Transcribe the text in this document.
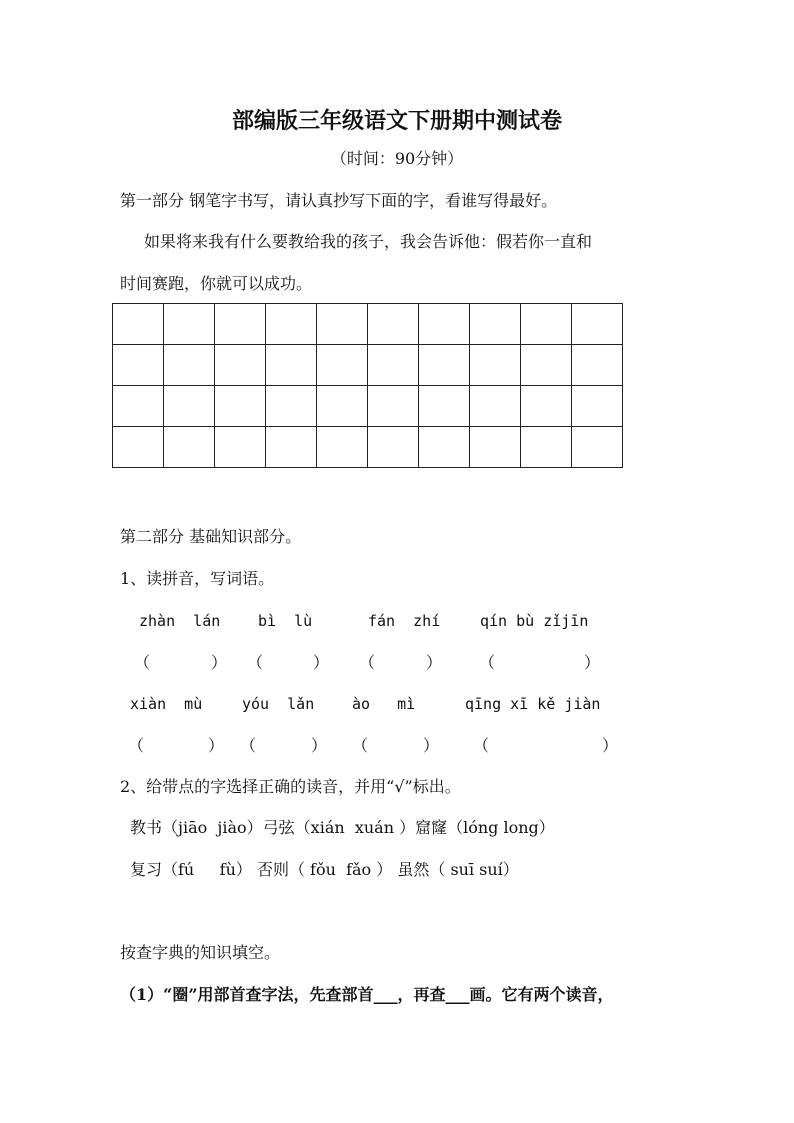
部编版三年级语文下册期中测试卷
（时间：90分钟）
第一部分 钢笔字书写，请认真抄写下面的字，看谁写得最好。
如果将来我有什么要教给我的孩子，我会告诉他：假若你一直和
时间赛跑，你就可以成功。

第二部分 基础知识部分。
1、读拼音，写词语。
zhàn  lán	bì  lù	fán  zhí	qín bù zǐjīn
（	） （	） （	） （	）
xiàn  mù	yóu  lǎn	ào   mì	qīng xī kě jiàn
（	） （	） （	） （	）
2、给带点的字选择正确的读音，并用“√”标出。
教书（jiāo  jiào）弓弦（xián  xuán ）窟窿（lóng long）
复习（fú     fù） 否则（ fǒu  fǎo ） 虽然（ suī suí）
按查字典的知识填空。
（1）“圈”用部首查字法，先查部首___，再查___画。它有两个读音，
